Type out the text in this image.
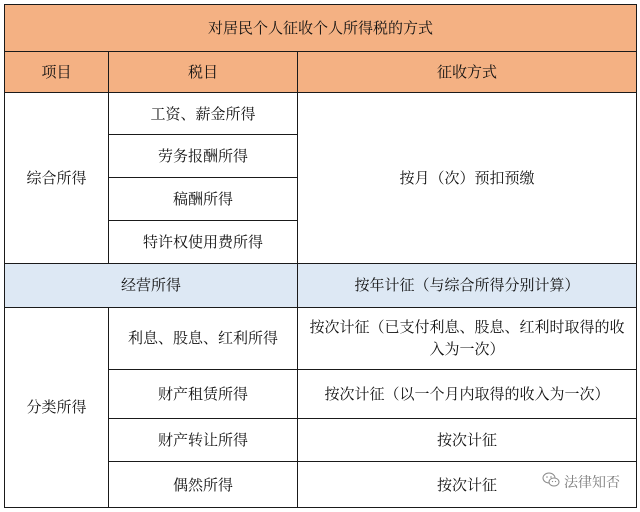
对居民个人征收个人所得税的方式		
项目	税目	征收方式
综合所得	工资、薪金所得	按月（次）预扣预缴
	劳务报酬所得	
	稿酬所得	
	特许权使用费所得	
经营所得		按年计征（与综合所得分别计算）
分类所得	利息、股息、红利所得	按次计征（已支付利息、股息、红利时取得的收入为一次）
	财产租赁所得	按次计征（以一个月内取得的收入为一次）
	财产转让所得	按次计征
	偶然所得	按次计征	法律知否
